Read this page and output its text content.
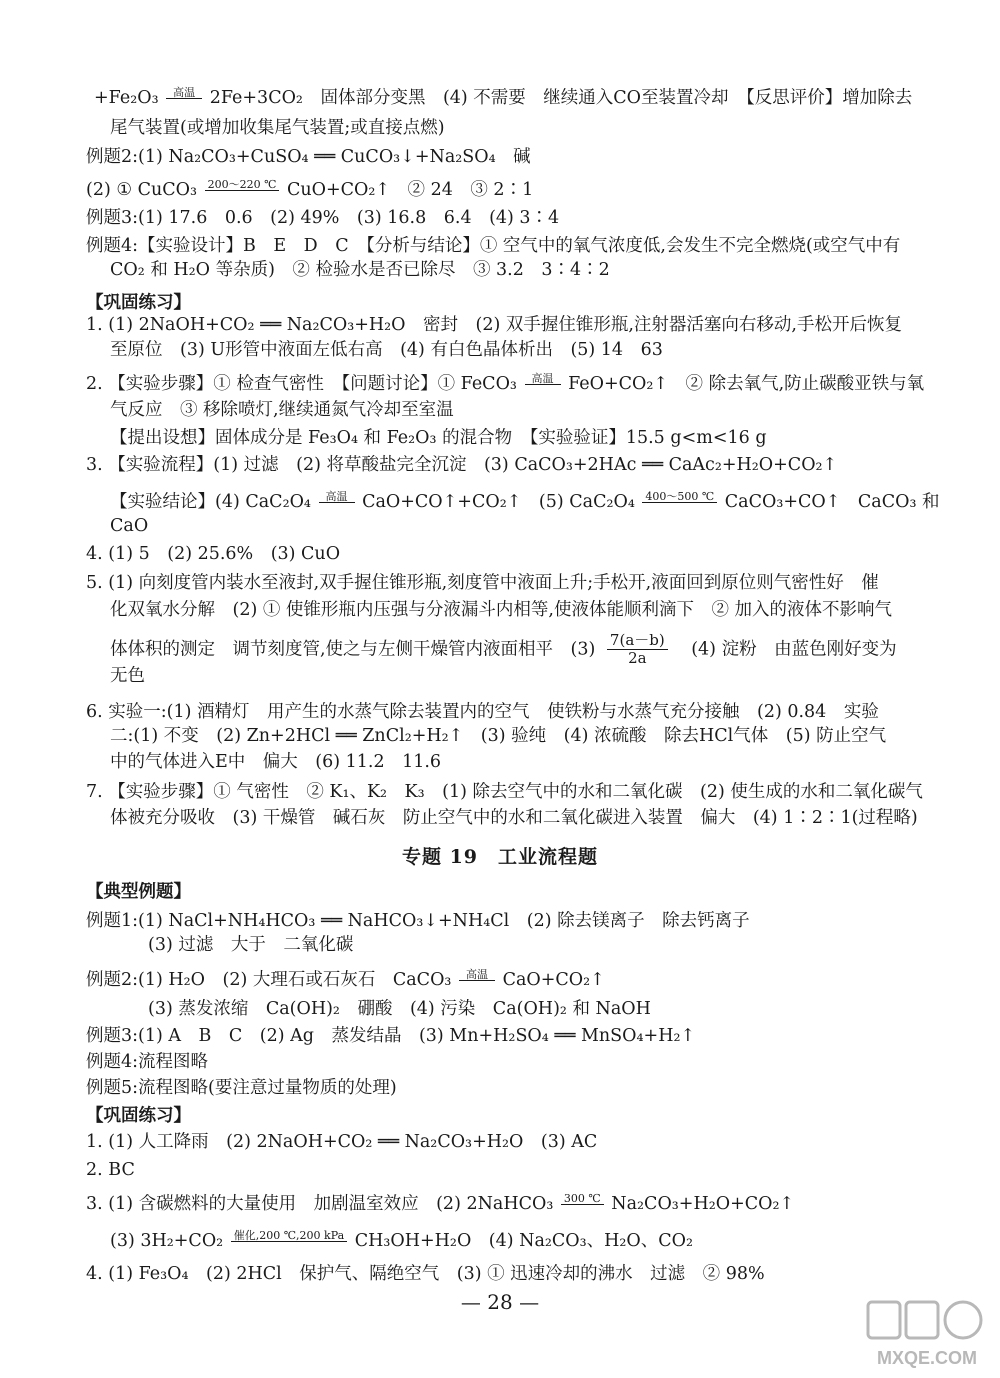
+Fe₂O₃ 高温 2Fe+3CO₂　固体部分变黑　(4) 不需要　继续通入CO至装置冷却　【反思评价】增加除去
尾气装置(或增加收集尾气装置;或直接点燃)
例题2:(1) Na₂CO₃+CuSO₄ ══ CuCO₃↓+Na₂SO₄　碱
(2) ① CuCO₃ 200～220 ℃ CuO+CO₂↑　② 24　③ 2∶1
例题3:(1) 17.6　0.6　(2) 49%　(3) 16.8　6.4　(4) 3∶4
例题4:【实验设计】B　E　D　C　【分析与结论】① 空气中的氧气浓度低,会发生不完全燃烧(或空气中有
CO₂ 和 H₂O 等杂质)　② 检验水是否已除尽　③ 3.2　3∶4∶2
【巩固练习】
1. (1) 2NaOH+CO₂ ══ Na₂CO₃+H₂O　密封　(2) 双手握住锥形瓶,注射器活塞向右移动,手松开后恢复
至原位　(3) U形管中液面左低右高　(4) 有白色晶体析出　(5) 14　63
2. 【实验步骤】① 检查气密性　【问题讨论】① FeCO₃ 高温 FeO+CO₂↑　② 除去氧气,防止碳酸亚铁与氧
气反应　③ 移除喷灯,继续通氮气冷却至室温
【提出设想】固体成分是 Fe₃O₄ 和 Fe₂O₃ 的混合物　【实验验证】15.5 g<m<16 g
3. 【实验流程】(1) 过滤　(2) 将草酸盐完全沉淀　(3) CaCO₃+2HAc ══ CaAc₂+H₂O+CO₂↑
【实验结论】(4) CaC₂O₄ 高温 CaO+CO↑+CO₂↑　(5) CaC₂O₄ 400～500 ℃ CaCO₃+CO↑　CaCO₃ 和
CaO
4. (1) 5　(2) 25.6%　(3) CuO
5. (1) 向刻度管内装水至液封,双手握住锥形瓶,刻度管中液面上升;手松开,液面回到原位则气密性好　催
化双氧水分解　(2) ① 使锥形瓶内压强与分液漏斗内相等,使液体能顺利滴下　② 加入的液体不影响气
体体积的测定　调节刻度管,使之与左侧干燥管内液面相平　$(3) \frac{7(a-b)}{2a}$ 　(4) 淀粉　由蓝色刚好变为
无色
6. 实验一:(1) 酒精灯　用产生的水蒸气除去装置内的空气　使铁粉与水蒸气充分接触　(2) 0.84　实验
二:(1) 不变　(2) Zn+2HCl ══ ZnCl₂+H₂↑　(3) 验纯　(4) 浓硫酸　除去HCl气体　(5) 防止空气
中的气体进入E中　偏大　(6) 11.2　11.6
7. 【实验步骤】① 气密性　② K₁、K₂　K₃　(1) 除去空气中的水和二氧化碳　(2) 使生成的水和二氧化碳气
体被充分吸收　(3) 干燥管　碱石灰　防止空气中的水和二氧化碳进入装置　偏大　(4) 1∶2∶1(过程略)
【典型例题】
例题1:(1) NaCl+NH₄HCO₃ ══ NaHCO₃↓+NH₄Cl　(2) 除去镁离子　除去钙离子
(3) 过滤　大于　二氧化碳
例题2:(1) H₂O　(2) 大理石或石灰石　CaCO₃ 高温 CaO+CO₂↑
(3) 蒸发浓缩　Ca(OH)₂　硼酸　(4) 污染　Ca(OH)₂ 和 NaOH
例题3:(1) A　B　C　(2) Ag　蒸发结晶　(3) Mn+H₂SO₄ ══ MnSO₄+H₂↑
例题4:流程图略
例题5:流程图略(要注意过量物质的处理)
【巩固练习】
1. (1) 人工降雨　(2) 2NaOH+CO₂ ══ Na₂CO₃+H₂O　(3) AC
2. BC
3. (1) 含碳燃料的大量使用　加剧温室效应　(2) 2NaHCO₃ 300 ℃ Na₂CO₃+H₂O+CO₂↑
(3) 3H₂+CO₂ 催化,200 ℃,200 kPa CH₃OH+H₂O　(4) Na₂CO₃、H₂O、CO₂
4. (1) Fe₃O₄　(2) 2HCl　保护气、隔绝空气　(3) ① 迅速冷却的沸水　过滤　② 98%
专题 19　工业流程题
— 28 —
MXQE.COM
